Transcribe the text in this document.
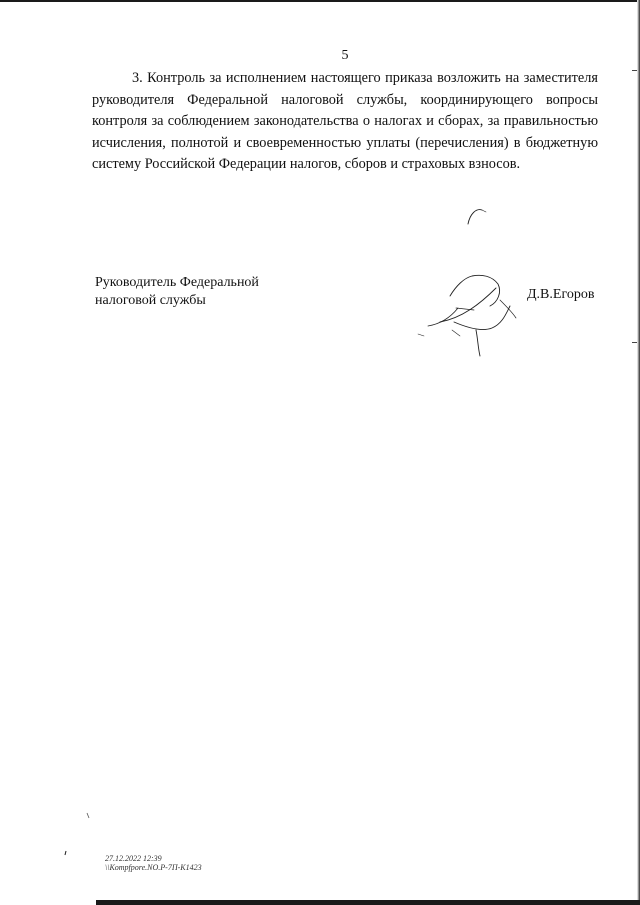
5

3. Контроль за исполнением настоящего приказа возложить на заместителя руководителя Федеральной налоговой службы, координирующего вопросы контроля за соблюдением законодательства о налогах и сборах, за правильностью исчисления, полнотой и своевременностью уплаты (перечисления) в бюджетную систему Российской Федерации налогов, сборов и страховых взносов.

Руководитель Федеральной
налоговой службы	Д.В.Егоров
27.12.2022 12:39
\\Kompfpore.NO.P-7П-K1423
